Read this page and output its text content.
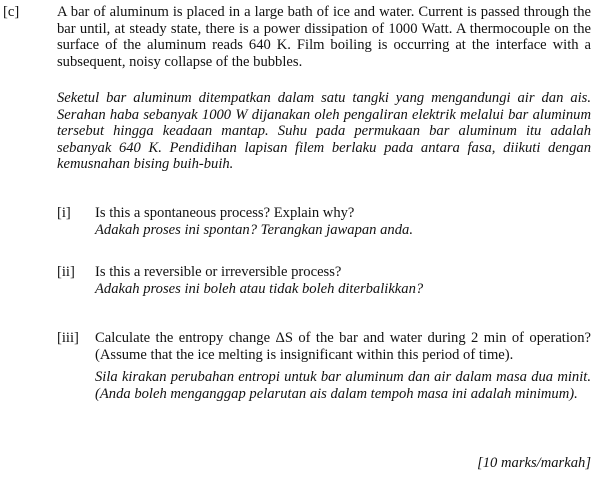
[c]	A bar of aluminum is placed in a large bath of ice and water. Current is passed through the bar until, at steady state, there is a power dissipation of 1000 Watt. A thermocouple on the surface of the aluminum reads 640 K. Film boiling is occurring at the interface with a subsequent, noisy collapse of the bubbles.
Seketul bar aluminum ditempatkan dalam satu tangki yang mengandungi air dan ais. Serahan haba sebanyak 1000 W dijanakan oleh pengaliran elektrik melalui bar aluminum tersebut hingga keadaan mantap. Suhu pada permukaan bar aluminum itu adalah sebanyak 640 K. Pendidihan lapisan filem berlaku pada antara fasa, diikuti dengan kemusnahan bising buih-buih.
[i] Is this a spontaneous process? Explain why?
Adakah proses ini spontan? Terangkan jawapan anda.
[ii] Is this a reversible or irreversible process?
Adakah proses ini boleh atau tidak boleh diterbalikkan?
[iii] Calculate the entropy change ΔS of the bar and water during 2 min of operation? (Assume that the ice melting is insignificant within this period of time).
Sila kirakan perubahan entropi untuk bar aluminum dan air dalam masa dua minit. (Anda boleh menganggap pelarutan ais dalam tempoh masa ini adalah minimum).
[10 marks/markah]
